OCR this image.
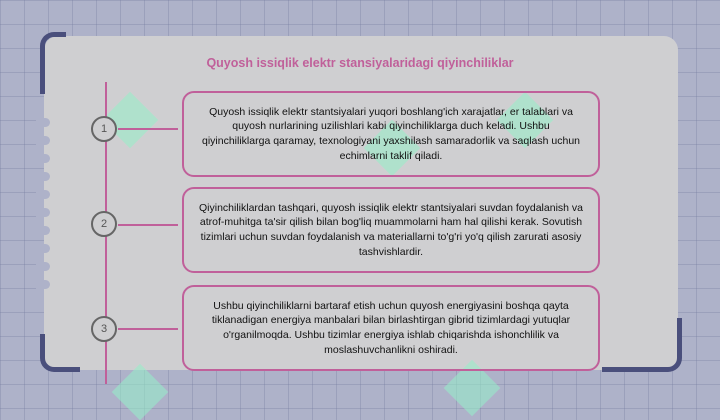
Quyosh issiqlik elektr stansiyalaridagi qiyinchiliklar
1
Quyosh issiqlik elektr stantsiyalari yuqori boshlang'ich xarajatlar, er talablari va quyosh nurlarining uzilishlari kabi qiyinchiliklarga duch keladi. Ushbu qiyinchiliklarga qaramay, texnologiyani yaxshilash samaradorlik va saqlash uchun echimlarni taklif qiladi.
2
Qiyinchiliklardan tashqari, quyosh issiqlik elektr stantsiyalari suvdan foydalanish va atrof-muhitga ta'sir qilish bilan bog'liq muammolarni ham hal qilishi kerak. Sovutish tizimlari uchun suvdan foydalanish va materiallarni to'g'ri yo'q qilish zarurati asosiy tashvishlardir.
3
Ushbu qiyinchiliklarni bartaraf etish uchun quyosh energiyasini boshqa qayta tiklanadigan energiya manbalari bilan birlashtirgan gibrid tizimlardagi yutuqlar o'rganilmoqda. Ushbu tizimlar energiya ishlab chiqarishda ishonchlilik va moslashuvchanlikni oshiradi.
